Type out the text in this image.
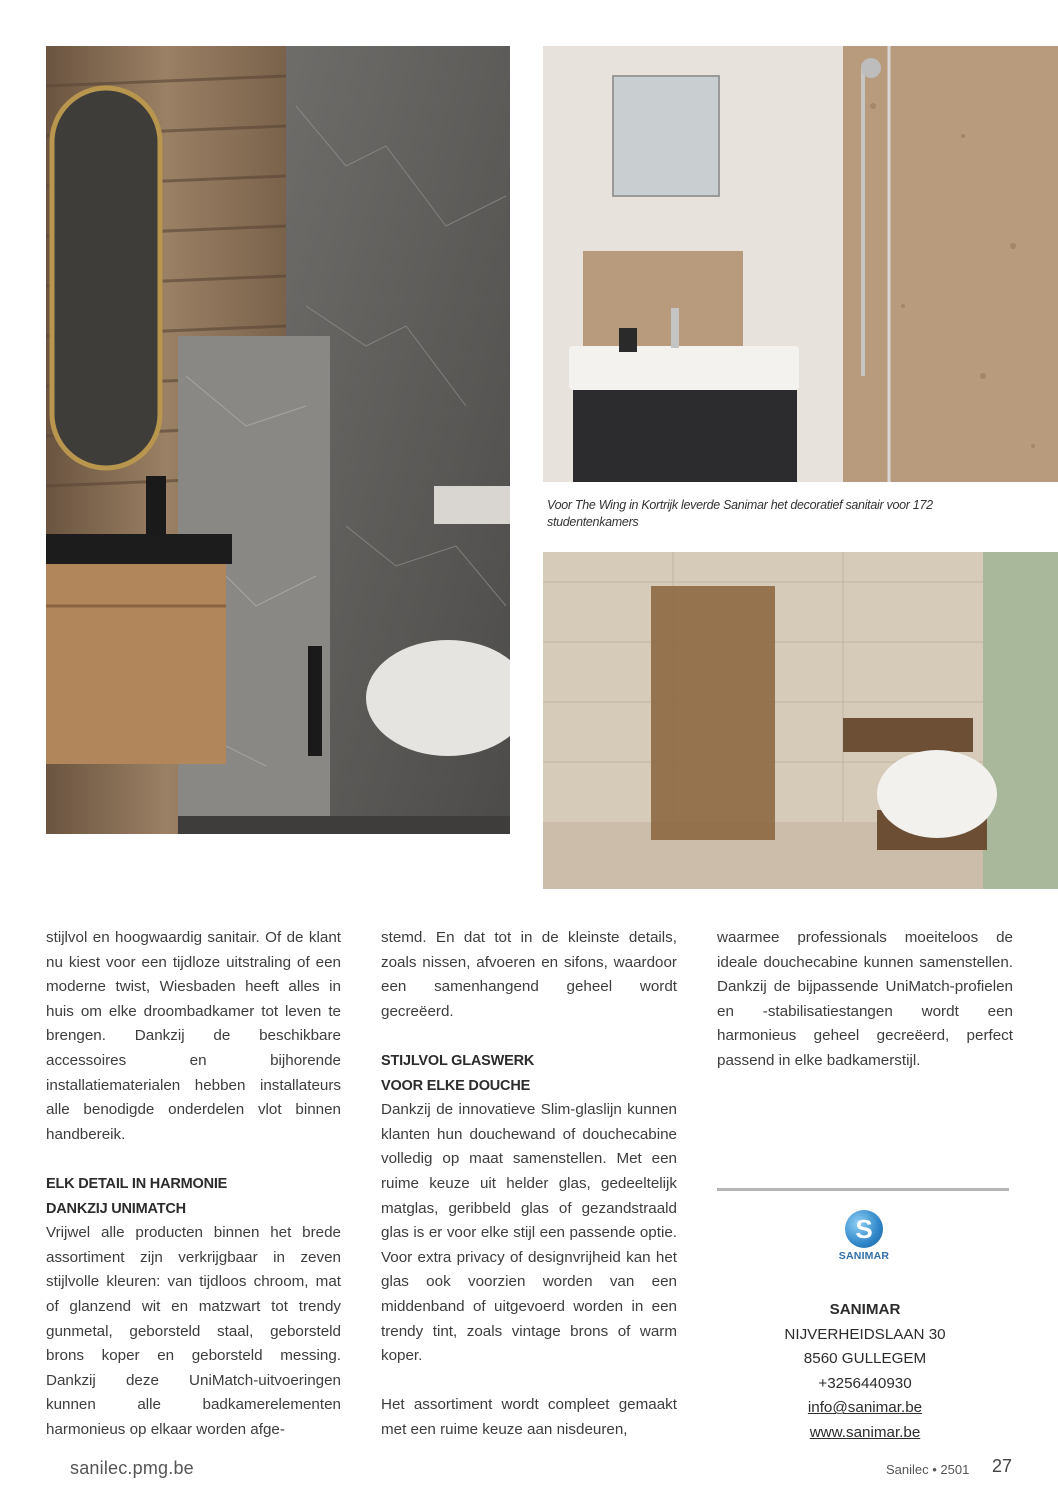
Voor The Wing in Kortrijk leverde Sanimar het decoratief sanitair voor 172 studentenkamers

stijlvol en hoogwaardig sanitair. Of de klant nu kiest voor een tijdloze uitstraling of een moderne twist, Wiesbaden heeft alles in huis om elke droombadkamer tot leven te brengen. Dankzij de beschikbare accessoires en bijhorende installatiematerialen hebben installateurs alle benodigde onderdelen vlot binnen handbereik.

ELK DETAIL IN HARMONIE
DANKZIJ UNIMATCH

Vrijwel alle producten binnen het brede assortiment zijn verkrijgbaar in zeven stijlvolle kleuren: van tijdloos chroom, mat of glanzend wit en matzwart tot trendy gunmetal, geborsteld staal, geborsteld brons koper en geborsteld messing. Dankzij deze UniMatch-uitvoeringen kunnen alle badkamerelementen harmonieus op elkaar worden afge-

stemd. En dat tot in de kleinste details, zoals nissen, afvoeren en sifons, waardoor een samenhangend geheel wordt gecreëerd.

STIJLVOL GLASWERK
VOOR ELKE DOUCHE

Dankzij de innovatieve Slim-glaslijn kunnen klanten hun douchewand of douchecabine volledig op maat samenstellen. Met een ruime keuze uit helder glas, gedeeltelijk matglas, geribbeld glas of gezandstraald glas is er voor elke stijl een passende optie. Voor extra privacy of designvrijheid kan het glas ook voorzien worden van een middenband of uitgevoerd worden in een trendy tint, zoals vintage brons of warm koper.

Het assortiment wordt compleet gemaakt met een ruime keuze aan nisdeuren,

waarmee professionals moeiteloos de ideale douchecabine kunnen samenstellen. Dankzij de bijpassende UniMatch-profielen en -stabilisatiestangen wordt een harmonieus geheel gecreëerd, perfect passend in elke badkamerstijl.

S
SANIMAR
SANIMAR
NIJVERHEIDSLAAN 30
8560 GULLEGEM
+3256440930
info@sanimar.be
www.sanimar.be
sanilec.pmg.be	Sanilec • 2501 27
